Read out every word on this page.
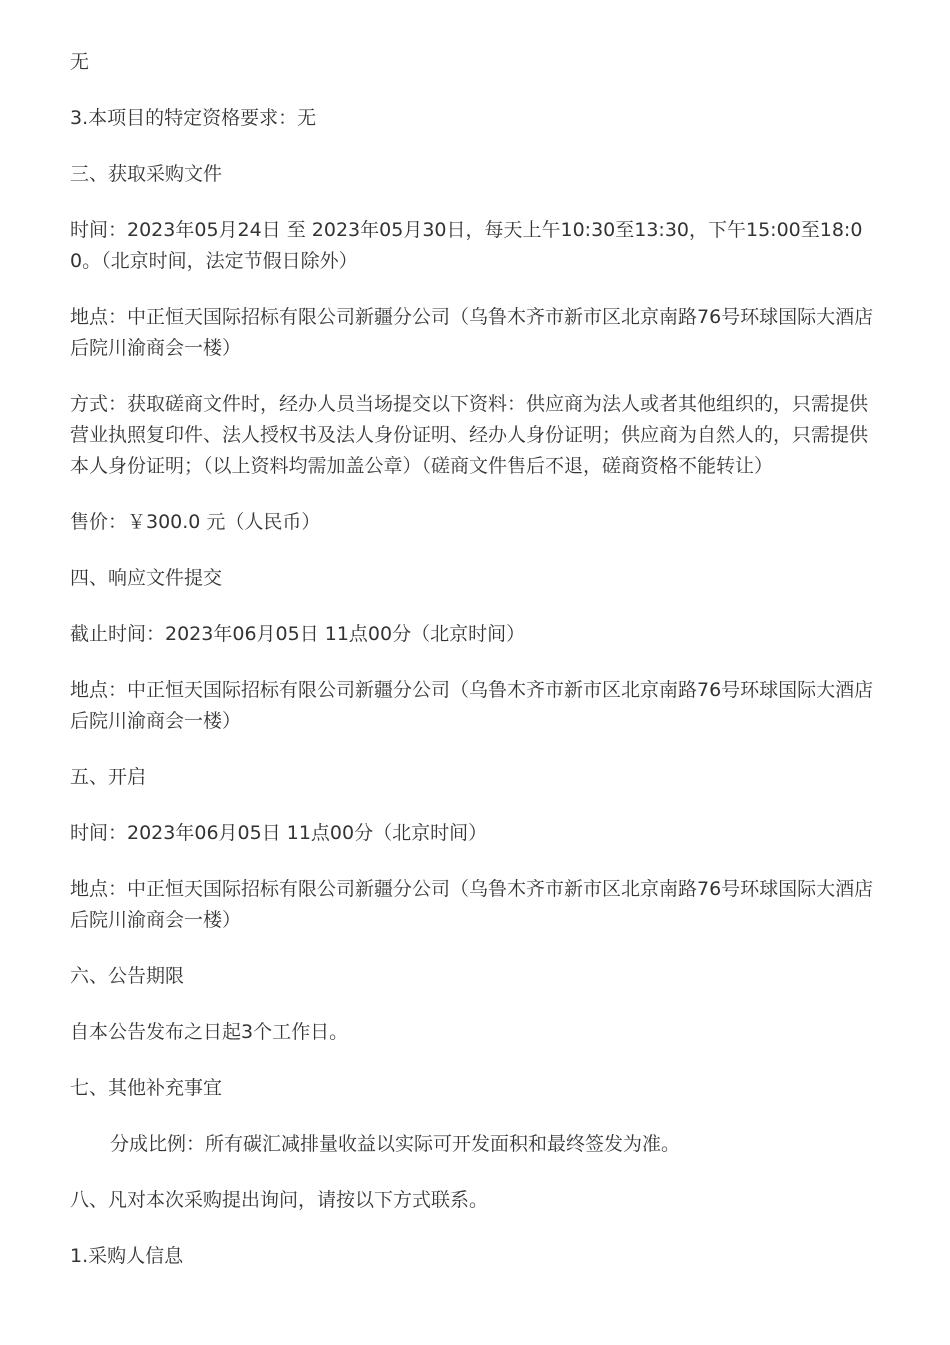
无

3.本项目的特定资格要求：无

三、获取采购文件

时间：2023年05月24日 至 2023年05月30日，每天上午10:30至13:30，下午15:00至18:00。（北京时间，法定节假日除外）

地点：中正恒天国际招标有限公司新疆分公司（乌鲁木齐市新市区北京南路76号环球国际大酒店后院川渝商会一楼）

方式：获取磋商文件时，经办人员当场提交以下资料：供应商为法人或者其他组织的，只需提供营业执照复印件、法人授权书及法人身份证明、经办人身份证明；供应商为自然人的，只需提供本人身份证明；（以上资料均需加盖公章）（磋商文件售后不退，磋商资格不能转让）

售价：￥300.0 元（人民币）

四、响应文件提交

截止时间：2023年06月05日 11点00分（北京时间）

地点：中正恒天国际招标有限公司新疆分公司（乌鲁木齐市新市区北京南路76号环球国际大酒店后院川渝商会一楼）

五、开启

时间：2023年06月05日 11点00分（北京时间）

地点：中正恒天国际招标有限公司新疆分公司（乌鲁木齐市新市区北京南路76号环球国际大酒店后院川渝商会一楼）

六、公告期限

自本公告发布之日起3个工作日。

七、其他补充事宜

分成比例：所有碳汇减排量收益以实际可开发面积和最终签发为准。

八、凡对本次采购提出询问，请按以下方式联系。

1.采购人信息
